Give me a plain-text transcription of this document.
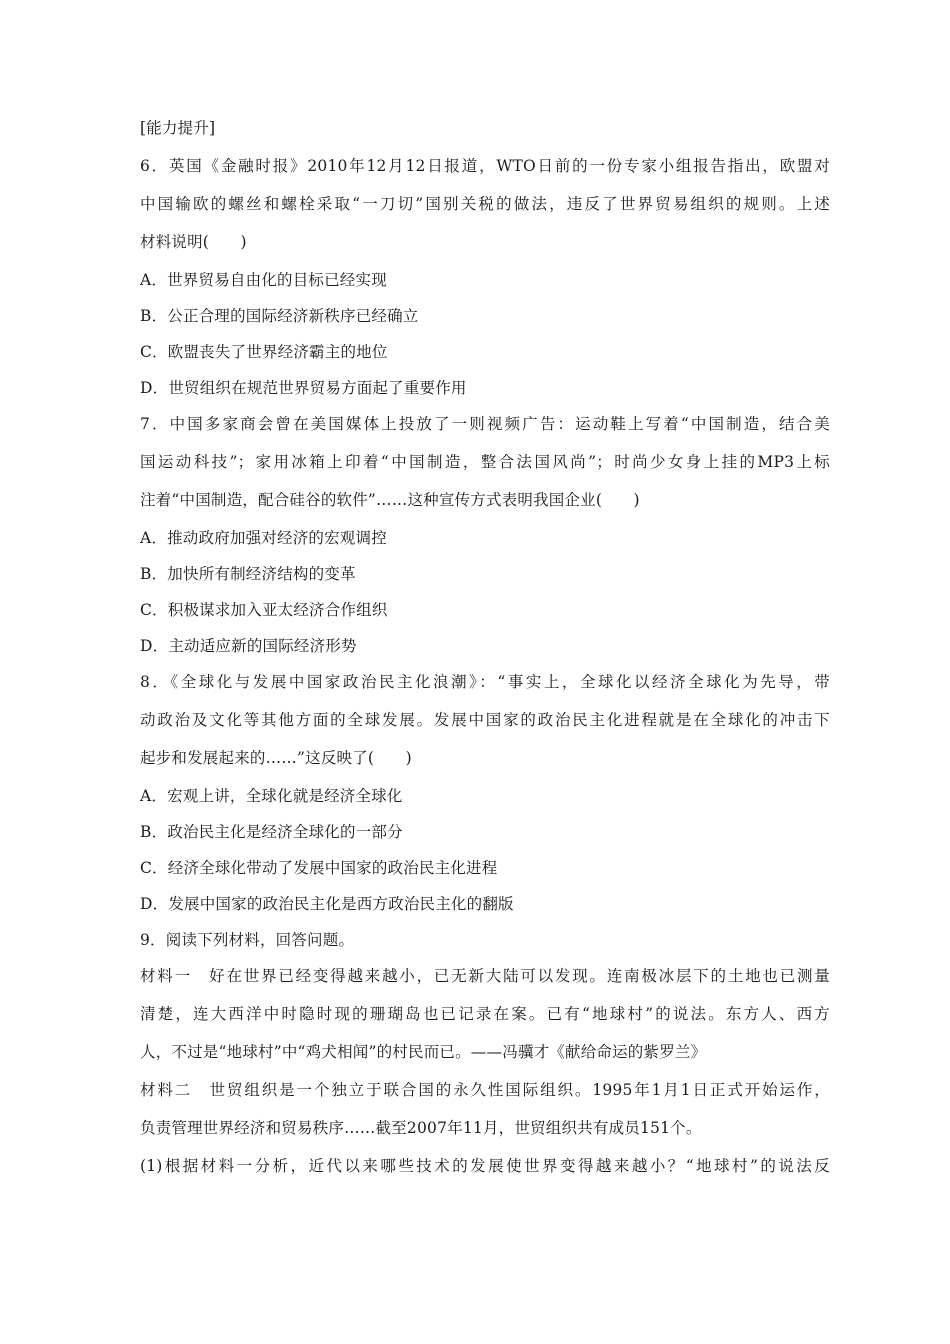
[能力提升]
6．英国《金融时报》2010年12月12日报道，WTO日前的一份专家小组报告指出，欧盟对
中国输欧的螺丝和螺栓采取“一刀切”国别关税的做法，违反了世界贸易组织的规则。上述
材料说明(　　)
A．世界贸易自由化的目标已经实现
B．公正合理的国际经济新秩序已经确立
C．欧盟丧失了世界经济霸主的地位
D．世贸组织在规范世界贸易方面起了重要作用
7．中国多家商会曾在美国媒体上投放了一则视频广告：运动鞋上写着“中国制造，结合美
国运动科技”；家用冰箱上印着“中国制造，整合法国风尚”；时尚少女身上挂的MP3上标
注着“中国制造，配合硅谷的软件”……这种宣传方式表明我国企业(　　)
A．推动政府加强对经济的宏观调控
B．加快所有制经济结构的变革
C．积极谋求加入亚太经济合作组织
D．主动适应新的国际经济形势
8．《全球化与发展中国家政治民主化浪潮》：“事实上，全球化以经济全球化为先导，带
动政治及文化等其他方面的全球发展。发展中国家的政治民主化进程就是在全球化的冲击下
起步和发展起来的……”这反映了(　　)
A．宏观上讲，全球化就是经济全球化
B．政治民主化是经济全球化的一部分
C．经济全球化带动了发展中国家的政治民主化进程
D．发展中国家的政治民主化是西方政治民主化的翻版
9．阅读下列材料，回答问题。
材料一　好在世界已经变得越来越小，已无新大陆可以发现。连南极冰层下的土地也已测量
清楚，连大西洋中时隐时现的珊瑚岛也已记录在案。已有“地球村”的说法。东方人、西方
人，不过是“地球村”中“鸡犬相闻”的村民而已。——冯骥才《献给命运的紫罗兰》
材料二　世贸组织是一个独立于联合国的永久性国际组织。1995年1月1日正式开始运作，
负责管理世界经济和贸易秩序……截至2007年11月，世贸组织共有成员151个。
(1)根据材料一分析，近代以来哪些技术的发展使世界变得越来越小？“地球村”的说法反
